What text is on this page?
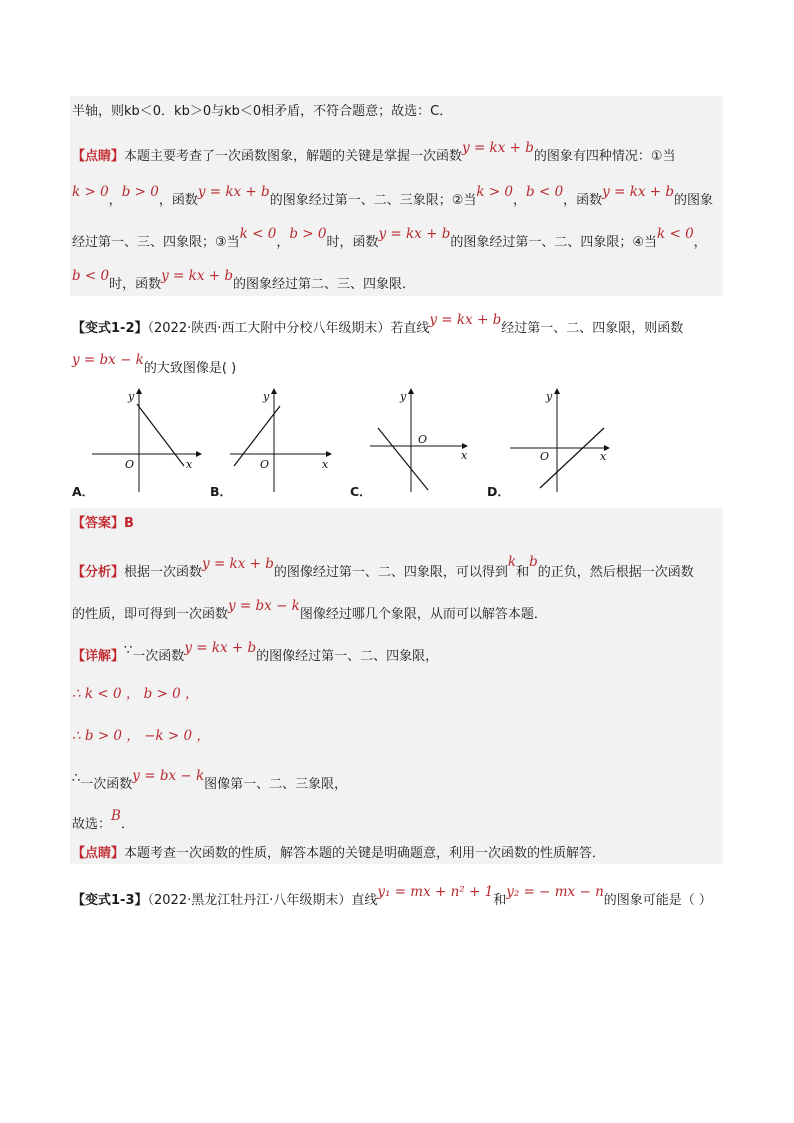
半轴，则kb＜0．kb＞0与kb＜0相矛盾，不符合题意；故选：C．
【点睛】本题主要考查了一次函数图象，解题的关键是掌握一次函数y = kx + b的图象有四种情况：①当
k > 0，b > 0，函数y = kx + b的图象经过第一、二、三象限；②当k > 0，b < 0，函数y = kx + b的图象
经过第一、三、四象限；③当k < 0，b > 0时，函数y = kx + b的图象经过第一、二、四象限；④当k < 0，
b < 0时，函数y = kx + b的图象经过第二、三、四象限．
【变式1-2】（2022·陕西·西工大附中分校八年级期末）若直线y = kx + b经过第一、二、四象限，则函数
y = bx − k的大致图像是( )
y
x
O
A．
y
x
O
B．
y
x
O
C．
y
x
O
D．
【答案】B
【分析】根据一次函数y = kx + b的图像经过第一、二、四象限，可以得到k和b的正负，然后根据一次函数
的性质，即可得到一次函数y = bx − k图像经过哪几个象限，从而可以解答本题．
【详解】∵一次函数y = kx + b的图像经过第一、二、四象限，
∴ k < 0 ， b > 0 ，
∴ b > 0 ， −k > 0 ，
∴一次函数y = bx − k图像第一、二、三象限，
故选：B．
【点睛】本题考查一次函数的性质，解答本题的关键是明确题意，利用一次函数的性质解答．
【变式1-3】（2022·黑龙江牡丹江·八年级期末）直线y₁ = mx + n² + 1和y₂ = − mx − n的图象可能是（ ）
